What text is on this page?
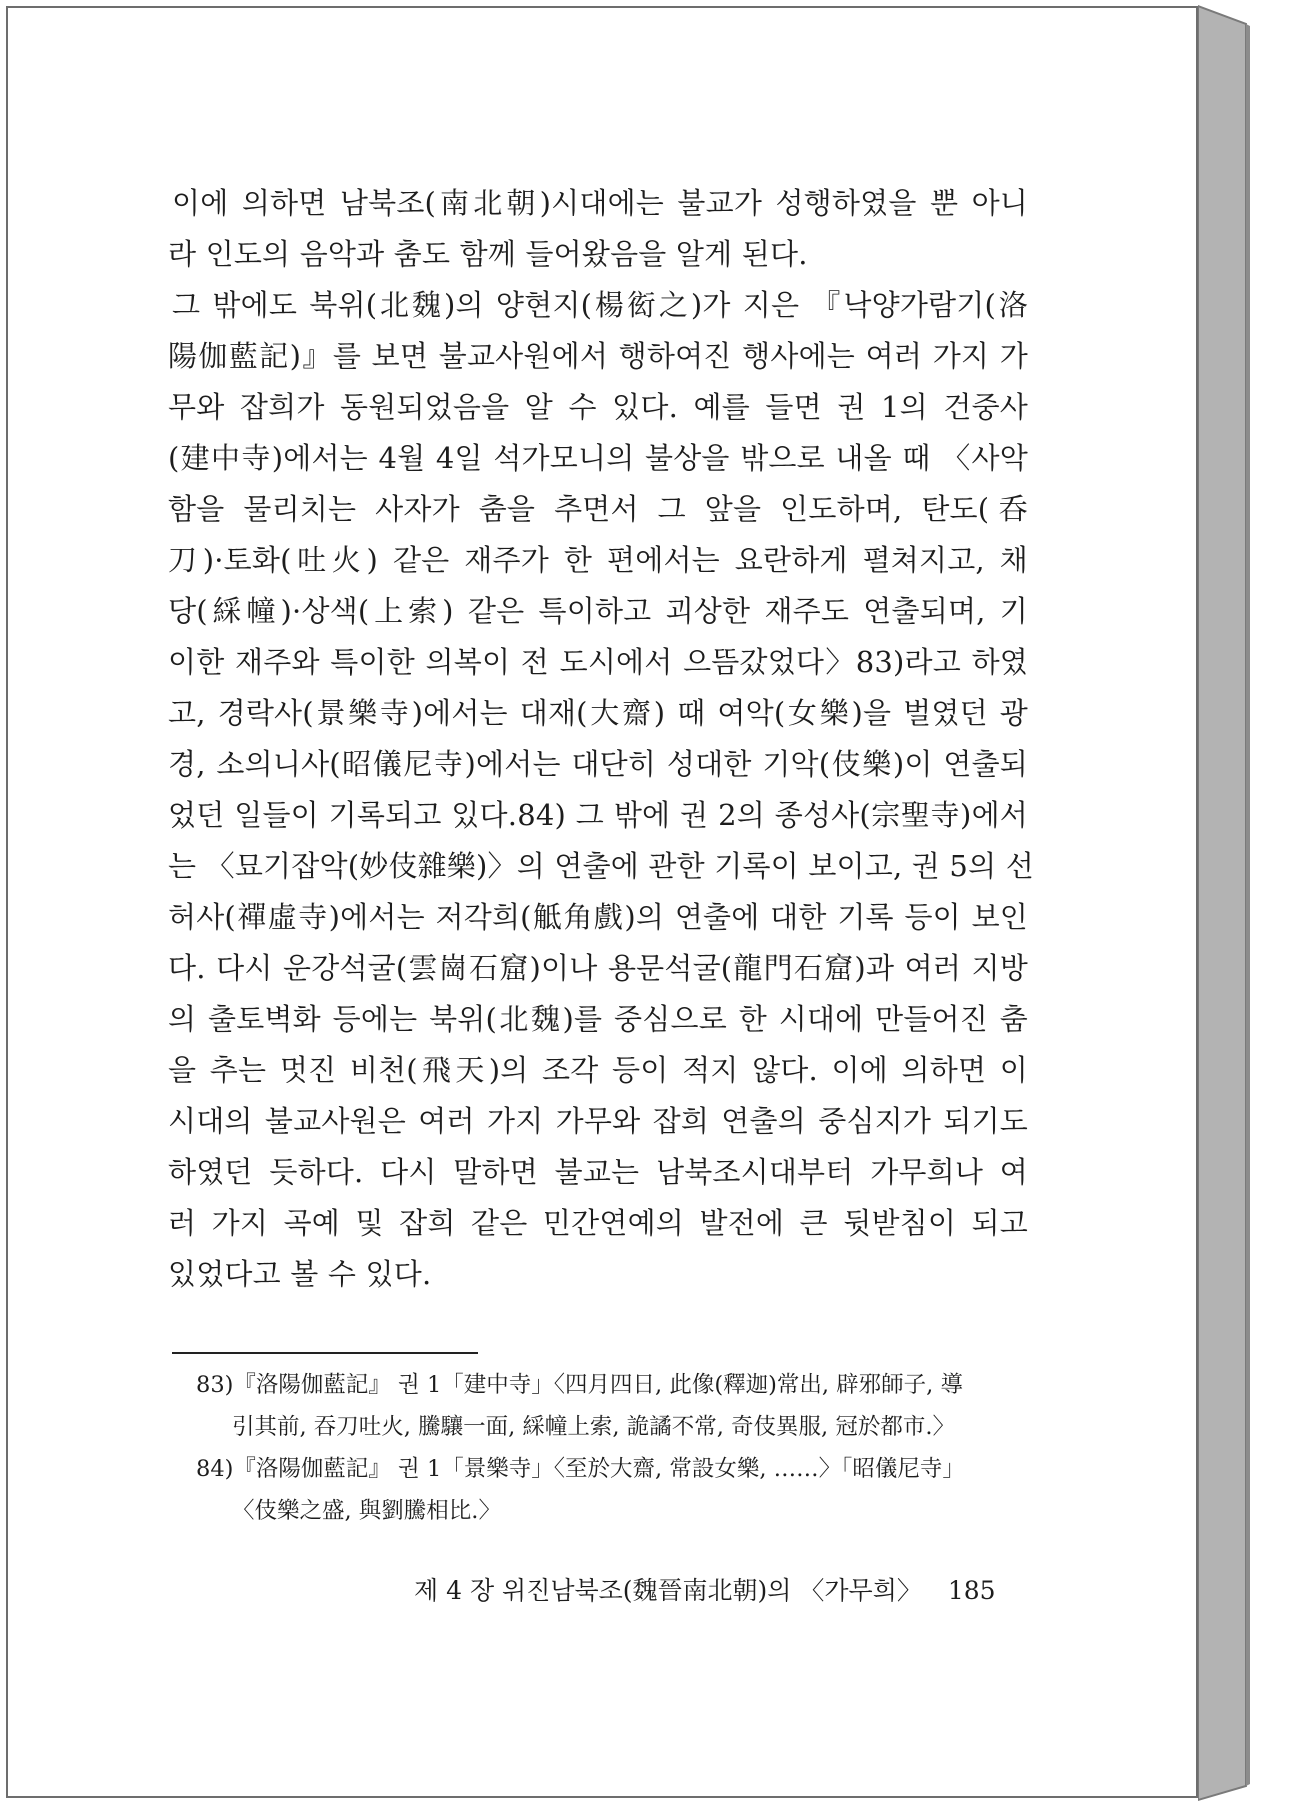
이에 의하면 남북조(南北朝)시대에는 불교가 성행하였을 뿐 아니
라 인도의 음악과 춤도 함께 들어왔음을 알게 된다.
그 밖에도 북위(北魏)의 양현지(楊衒之)가 지은 『낙양가람기(洛
陽伽藍記)』를 보면 불교사원에서 행하여진 행사에는 여러 가지 가
무와 잡희가 동원되었음을 알 수 있다. 예를 들면 권 1의 건중사
(建中寺)에서는 4월 4일 석가모니의 불상을 밖으로 내올 때 〈사악
함을 물리치는 사자가 춤을 추면서 그 앞을 인도하며, 탄도(呑
刀)·토화(吐火) 같은 재주가 한 편에서는 요란하게 펼쳐지고, 채
당(綵幢)·상색(上索) 같은 특이하고 괴상한 재주도 연출되며, 기
이한 재주와 특이한 의복이 전 도시에서 으뜸갔었다〉83)라고 하였
고, 경락사(景樂寺)에서는 대재(大齋) 때 여악(女樂)을 벌였던 광
경, 소의니사(昭儀尼寺)에서는 대단히 성대한 기악(伎樂)이 연출되
었던 일들이 기록되고 있다.84) 그 밖에 권 2의 종성사(宗聖寺)에서
는 〈묘기잡악(妙伎雜樂)〉의 연출에 관한 기록이 보이고, 권 5의 선
허사(禪虛寺)에서는 저각희(觝角戲)의 연출에 대한 기록 등이 보인
다. 다시 운강석굴(雲崗石窟)이나 용문석굴(龍門石窟)과 여러 지방
의 출토벽화 등에는 북위(北魏)를 중심으로 한 시대에 만들어진 춤
을 추는 멋진 비천(飛天)의 조각 등이 적지 않다. 이에 의하면 이
시대의 불교사원은 여러 가지 가무와 잡희 연출의 중심지가 되기도
하였던 듯하다. 다시 말하면 불교는 남북조시대부터 가무희나 여
러 가지 곡예 및 잡희 같은 민간연예의 발전에 큰 뒷받침이 되고
있었다고 볼 수 있다.
83)『洛陽伽藍記』 권 1「建中寺」〈四月四日, 此像(釋迦)常出, 辟邪師子, 導
引其前, 吞刀吐火, 騰驤一面, 綵幢上索, 詭譎不常, 奇伎異服, 冠於都市.〉
84)『洛陽伽藍記』 권 1「景樂寺」〈至於大齋, 常設女樂, ……〉「昭儀尼寺」
〈伎樂之盛, 與劉騰相比.〉
제 4 장 위진남북조(魏晉南北朝)의 〈가무희〉 185
